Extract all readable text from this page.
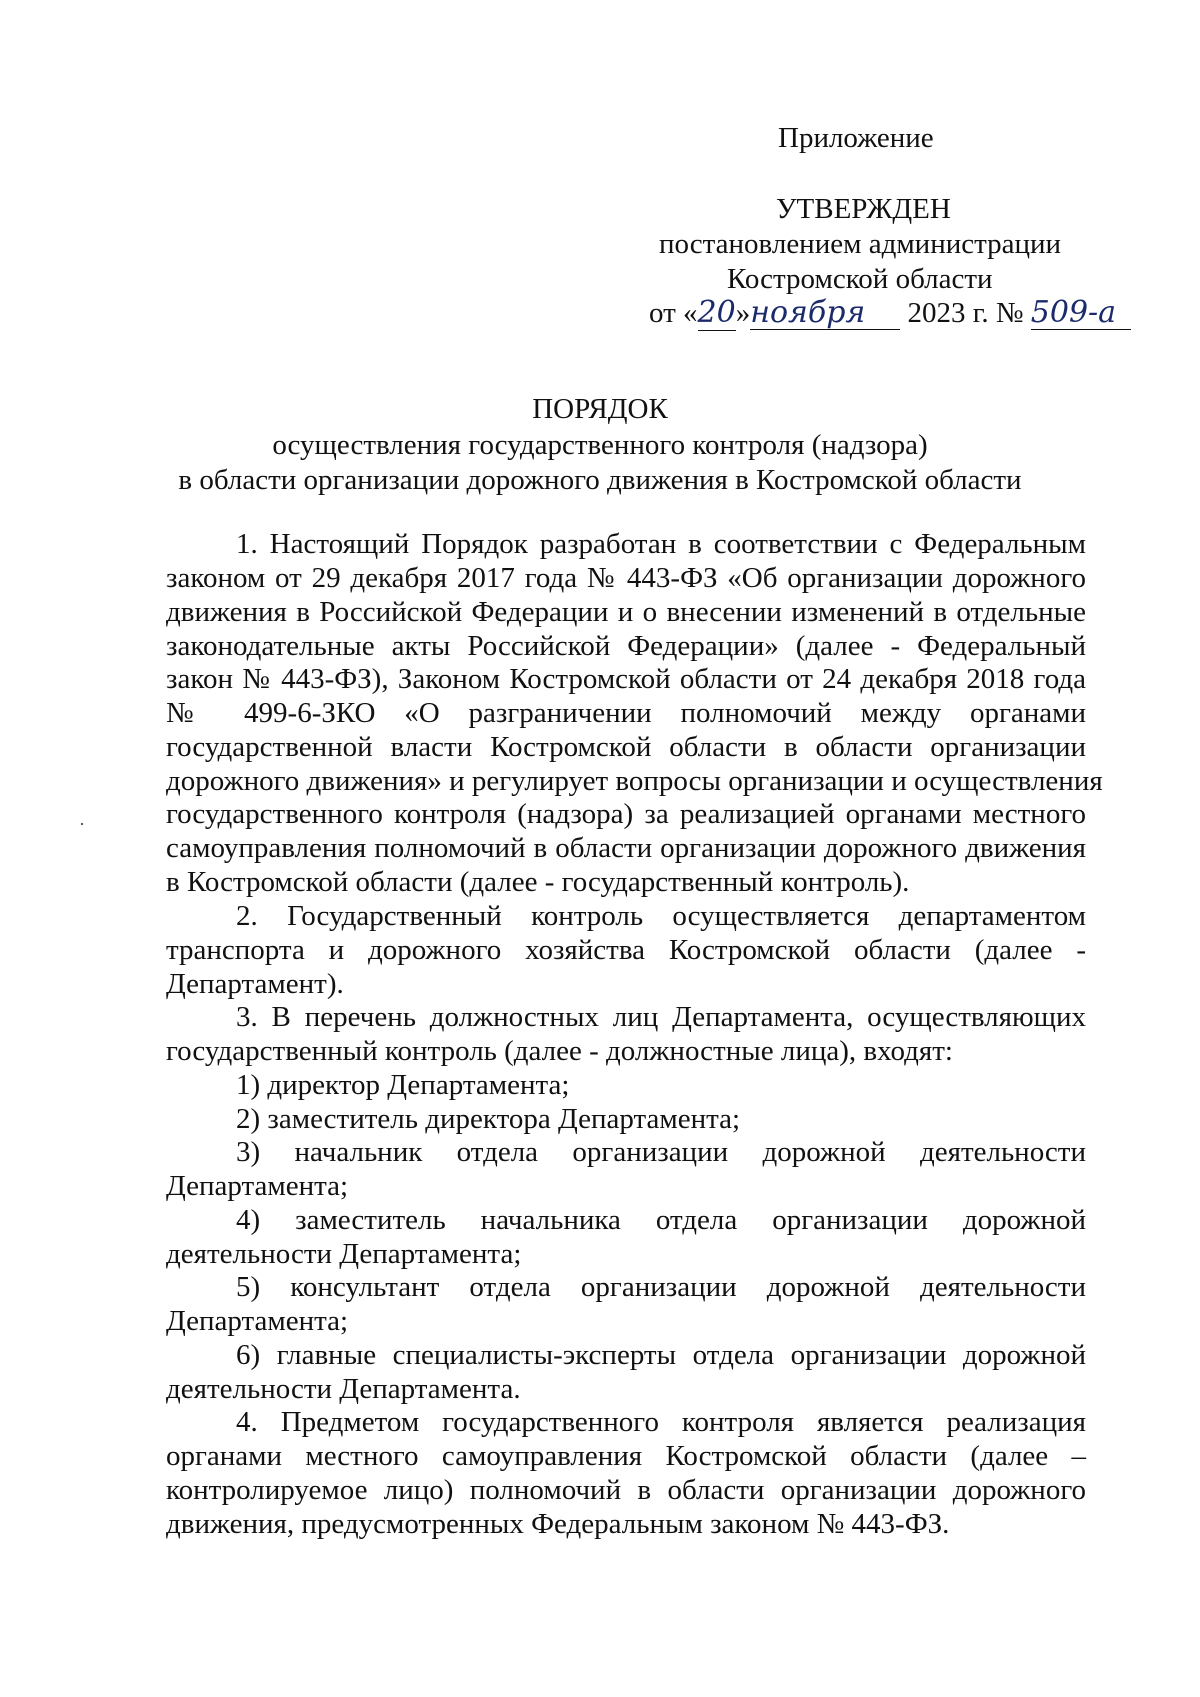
Приложение
УТВЕРЖДЕН
постановлением администрации
Костромской области
от «20»ноября 2023 г. № 509-а
ПОРЯДОК
осуществления государственного контроля (надзора)
в области организации дорожного движения в Костромской области
1. Настоящий Порядок разработан в соответствии с Федеральным
законом от 29 декабря 2017 года № 443-ФЗ «Об организации дорожного
движения в Российской Федерации и о внесении изменений в отдельные
законодательные акты Российской Федерации» (далее - Федеральный
закон № 443-ФЗ), Законом Костромской области от 24 декабря 2018 года
№ 499-6-ЗКО «О разграничении полномочий между органами
государственной власти Костромской области в области организации
дорожного движения» и регулирует вопросы организации и осуществления
государственного контроля (надзора) за реализацией органами местного
самоуправления полномочий в области организации дорожного движения
в Костромской области (далее - государственный контроль).
2. Государственный контроль осуществляется департаментом
транспорта и дорожного хозяйства Костромской области (далее -
Департамент).
3. В перечень должностных лиц Департамента, осуществляющих
государственный контроль (далее - должностные лица), входят:
1) директор Департамента;
2) заместитель директора Департамента;
3) начальник отдела организации дорожной деятельности
Департамента;
4) заместитель начальника отдела организации дорожной
деятельности Департамента;
5) консультант отдела организации дорожной деятельности
Департамента;
6) главные специалисты-эксперты отдела организации дорожной
деятельности Департамента.
4. Предметом государственного контроля является реализация
органами местного самоуправления Костромской области (далее –
контролируемое лицо) полномочий в области организации дорожного
движения, предусмотренных Федеральным законом № 443-ФЗ.
